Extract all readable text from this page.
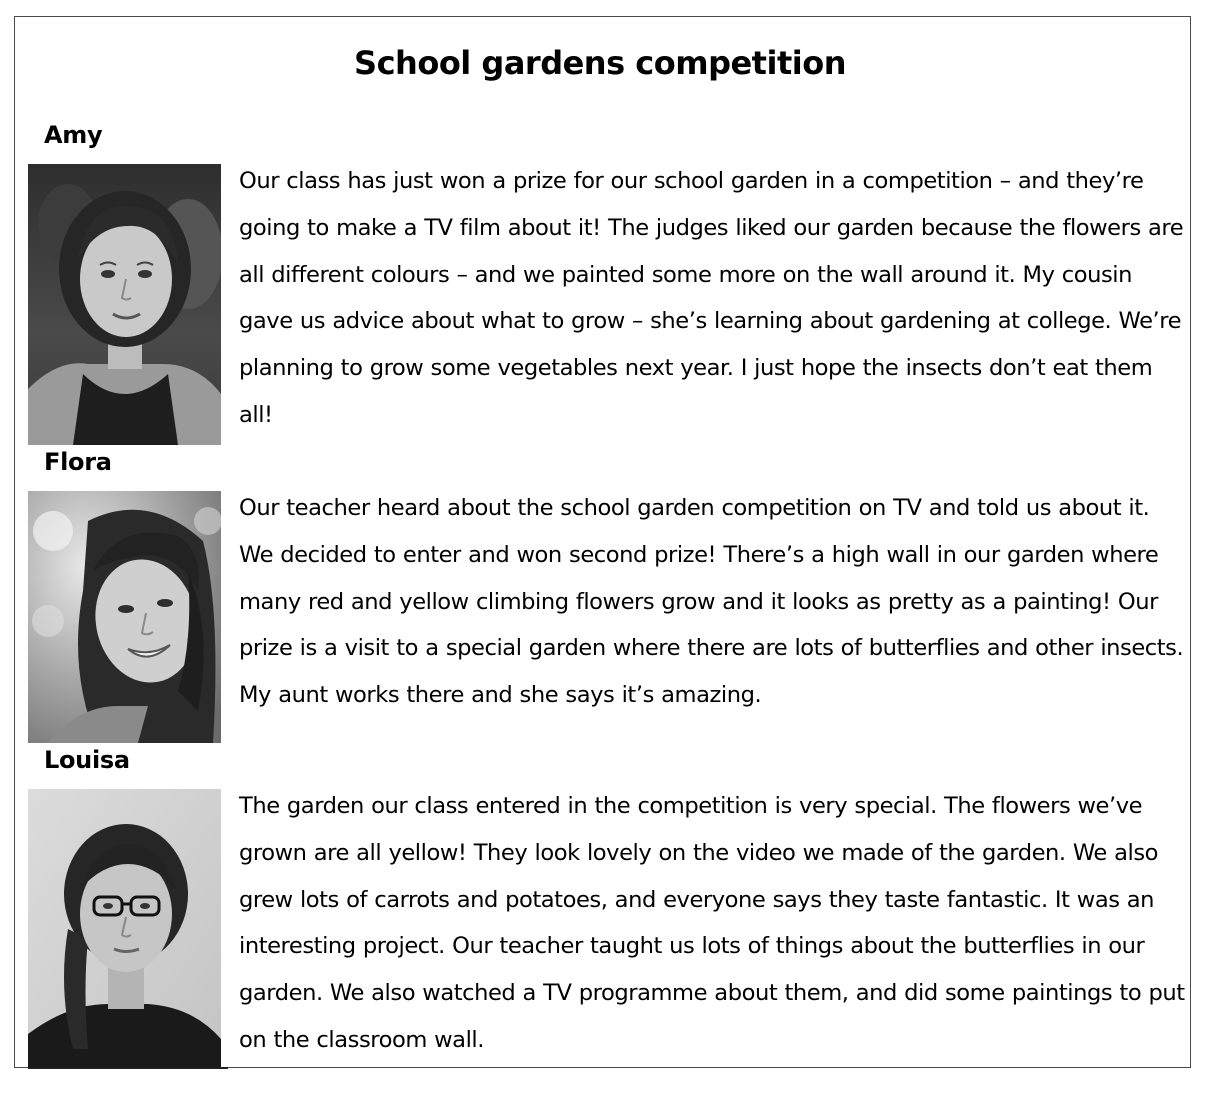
School gardens competition
Amy

Our class has just won a prize for our school garden in a competition – and they’re going to make a TV film about it! The judges liked our garden because the flowers are all different colours – and we painted some more on the wall around it. My cousin gave us advice about what to grow – she’s learning about gardening at college. We’re planning to grow some vegetables next year. I just hope the insects don’t eat them all!

Flora

Our teacher heard about the school garden competition on TV and told us about it. We decided to enter and won second prize! There’s a high wall in our garden where many red and yellow climbing flowers grow and it looks as pretty as a painting! Our prize is a visit to a special garden where there are lots of butterflies and other insects. My aunt works there and she says it’s amazing.

Louisa

The garden our class entered in the competition is very special. The flowers we’ve grown are all yellow! They look lovely on the video we made of the garden. We also grew lots of carrots and potatoes, and everyone says they taste fantastic. It was an interesting project. Our teacher taught us lots of things about the butterflies in our garden. We also watched a TV programme about them, and did some paintings to put on the classroom wall.
